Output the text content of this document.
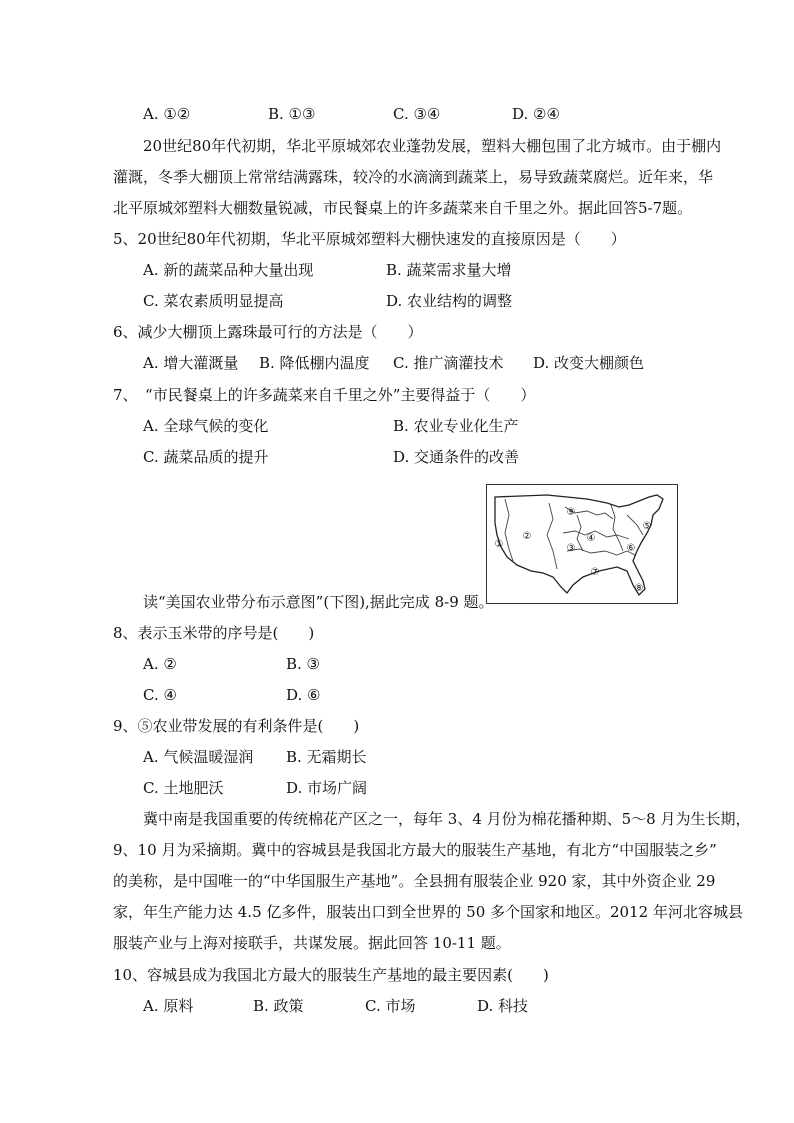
A. ①②	B. ①③	C. ③④	D. ②④
20世纪80年代初期，华北平原城郊农业蓬勃发展，塑料大棚包围了北方城市。由于棚内
灌溉，冬季大棚顶上常常结满露珠，较冷的水滴滴到蔬菜上，易导致蔬菜腐烂。近年来，华
北平原城郊塑料大棚数量锐减，市民餐桌上的许多蔬菜来自千里之外。据此回答5-7题。
5、20世纪80年代初期，华北平原城郊塑料大棚快速发的直接原因是（　　）
A. 新的蔬菜品种大量出现	B. 蔬菜需求量大增
C. 菜农素质明显提高	D. 农业结构的调整
6、减少大棚顶上露珠最可行的方法是（　　）
A. 增大灌溉量 B. 降低棚内温度 C. 推广滴灌技术 D. 改变大棚颜色
7、　“市民餐桌上的许多蔬菜来自千里之外”主要得益于（　　）
A. 全球气候的变化	B. 农业专业化生产
C. 蔬菜品质的提升	D. 交通条件的改善
①
②
③
④
⑤
⑥
⑦
⑧
⑨
读“美国农业带分布示意图”(下图),据此完成 8-9 题。
8、表示玉米带的序号是(　　)
A. ②	B. ③
C. ④	D. ⑥
9、⑤农业带发展的有利条件是(　　)
A. 气候温暖湿润 B. 无霜期长
C. 土地肥沃	D. 市场广阔
冀中南是我国重要的传统棉花产区之一，每年 3、4 月份为棉花播种期、5～8 月为生长期，
9、10 月为采摘期。冀中的容城县是我国北方最大的服装生产基地，有北方“中国服装之乡”
的美称，是中国唯一的“中华国服生产基地”。全县拥有服装企业 920 家，其中外资企业 29
家，年生产能力达 4.5 亿多件，服装出口到全世界的 50 多个国家和地区。2012 年河北容城县
服装产业与上海对接联手，共谋发展。据此回答 10-11 题。
10、容城县成为我国北方最大的服装生产基地的最主要因素(　　)
A. 原料	B. 政策	C. 市场	D. 科技
